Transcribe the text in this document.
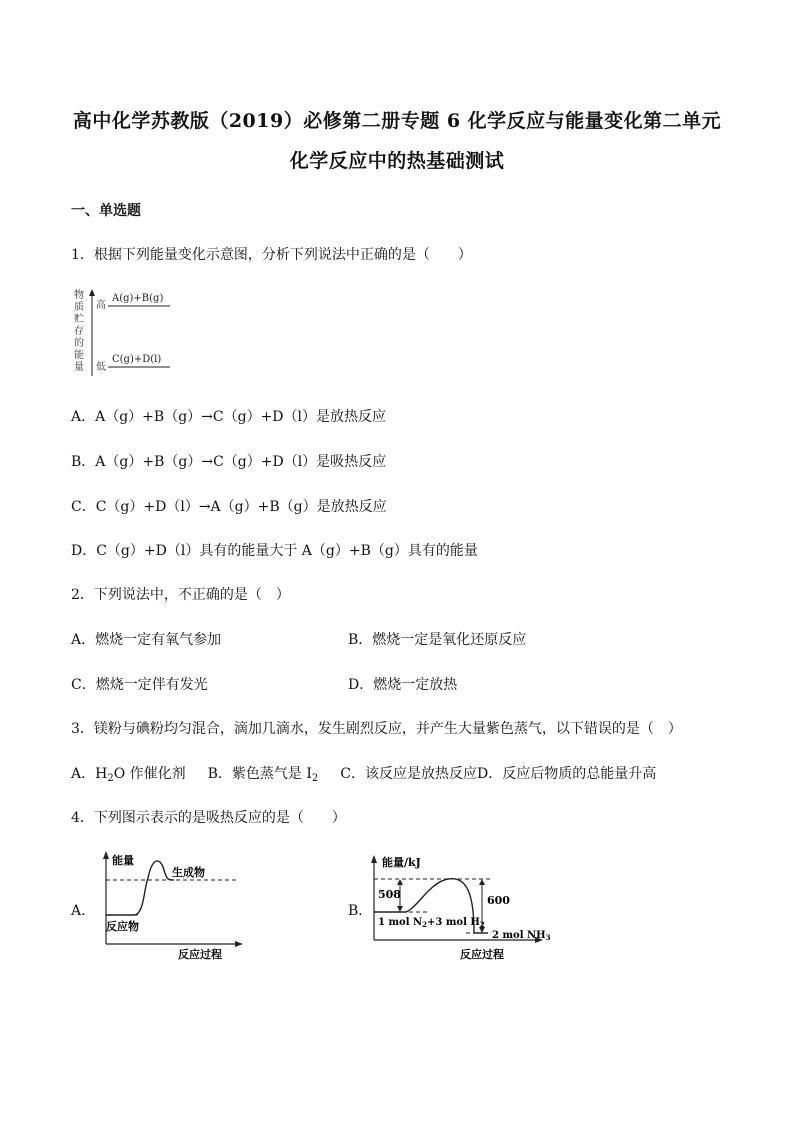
高中化学苏教版（2019）必修第二册专题 6 化学反应与能量变化第二单元
化学反应中的热基础测试
一、单选题
1．根据下列能量变化示意图，分析下列说法中正确的是（　　）
物
质
贮
存
的
能
量
高
低
A(g)+B(g)
C(g)+D(l)
A．A（g）+B（g）→C（g）+D（l）是放热反应
B．A（g）+B（g）→C（g）+D（l）是吸热反应
C．C（g）+D（l）→A（g）+B（g）是放热反应
D．C（g）+D（l）具有的能量大于 A（g）+B（g）具有的能量
2．下列说法中，不正确的是（　）
A．燃烧一定有氧气参加	B．燃烧一定是氧化还原反应
C．燃烧一定伴有发光	D．燃烧一定放热
3．镁粉与碘粉均匀混合，滴加几滴水，发生剧烈反应，并产生大量紫色蒸气，以下错误的是（　）
A．$H_2O$ 作催化剂 B．紫色蒸气是 $I_2$ C．该反应是放热反应D．反应后物质的总能量升高
4．下列图示表示的是吸热反应的是（　　）
A．
能量
反应过程
生成物
反应物
B．
能量/kJ
反应过程
508	600
1 mol $N_2+3$ mol $H_2$
2 mol $NH_3$
